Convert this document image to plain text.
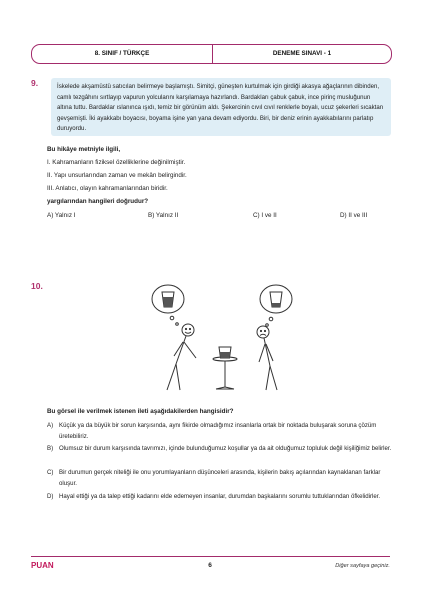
8. SINIF / TÜRKÇE	DENEME SINAVI - 1
9.	İskelede akşamüstü satıcıları belirmeye başlamıştı. Simitçi, güneşten kurtulmak için girdiği akasya ağaçlarının dibinden, camlı tezgâhını sırtlayıp vapurun yolcularını karşılamaya hazırlandı. Bardakları çabuk çabuk, ince pirinç musluğunun altına tuttu. Bardaklar ıslanınca ışıdı, temiz bir görünüm aldı. Şekercinin cıvıl cıvıl renklerle boyalı, ucuz şekerleri sıcaktan gevşemişti. İki ayakkabı boyacısı, boyama işine yan yana devam ediyordu. Biri, bir deniz erinin ayakkabılarını parlatıp duruyordu.
Bu hikâye metniyle ilgili,
I. Kahramanların fiziksel özelliklerine değinilmiştir.
II. Yapı unsurlarından zaman ve mekân belirgindir.
III. Anlatıcı, olayın kahramanlarından biridir.
yargılarından hangileri doğrudur?
A) Yalnız I	B) Yalnız II	C) I ve II	D) II ve III
10.
Bu görsel ile verilmek istenen ileti aşağıdakilerden hangisidir?
A) Küçük ya da büyük bir sorun karşısında, aynı fikirde olmadığımız insanlarla ortak bir noktada buluşarak soruna çözüm üretebiliriz.
B) Olumsuz bir durum karşısında tavrımızı, içinde bulunduğumuz koşullar ya da ait olduğumuz topluluk değil kişiliğimiz belirler.
C) Bir durumun gerçek niteliği ile onu yorumlayanların düşünceleri arasında, kişilerin bakış açılarından kaynaklanan farklar oluşur.
D) Hayal ettiği ya da talep ettiği kadarını elde edemeyen insanlar, durumdan başkalarını sorumlu tuttuklarından öfkelidirler.
PUAN	6	Diğer sayfaya geçiniz.
